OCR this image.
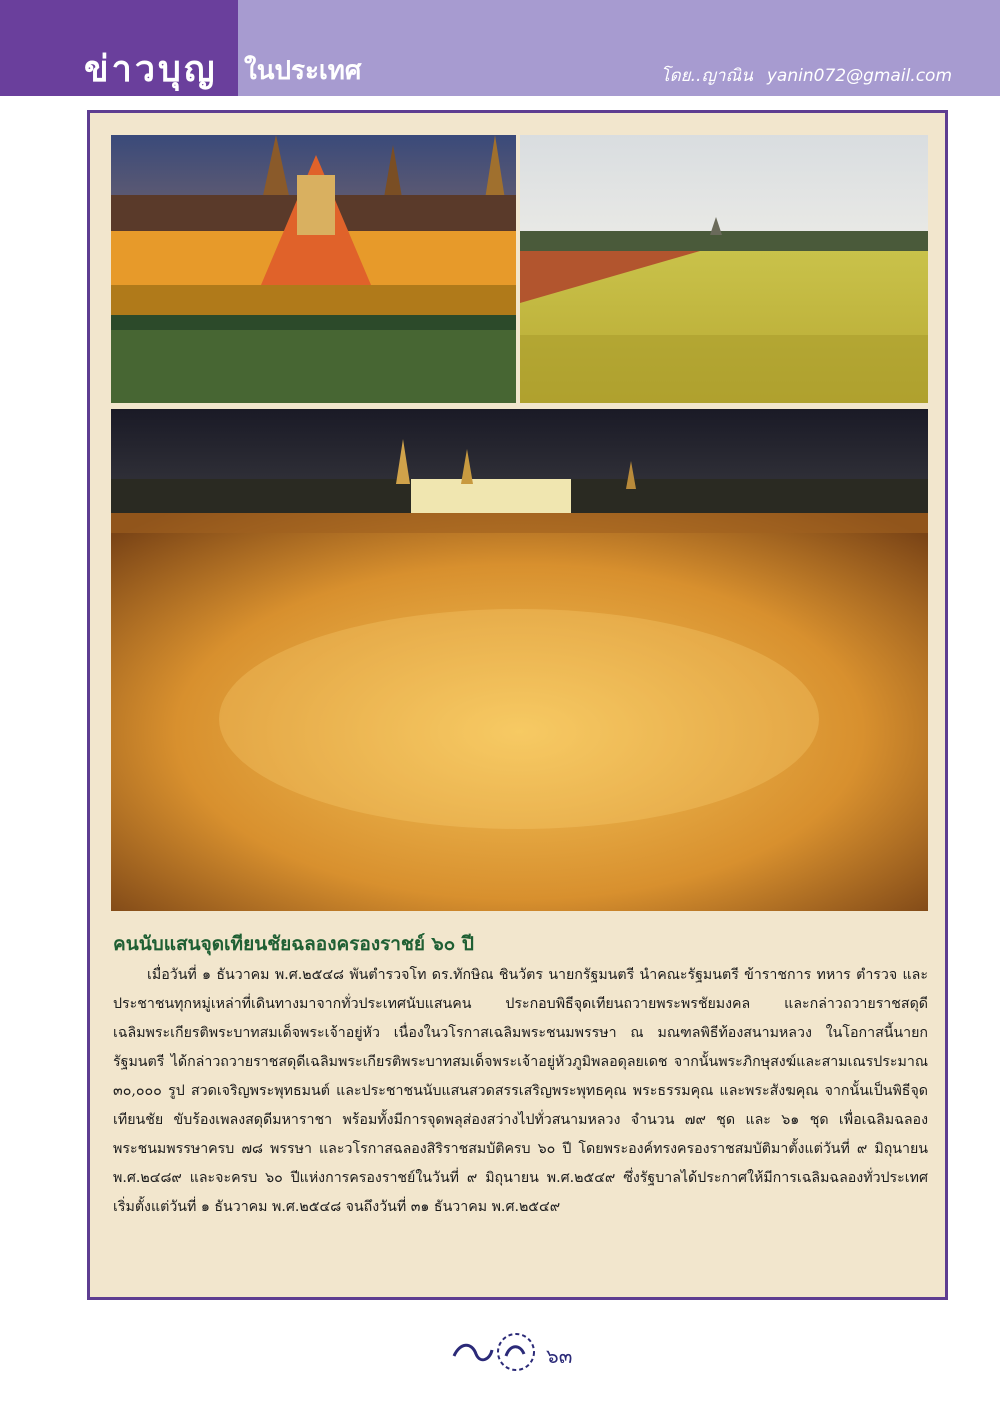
ข่าวบุญ ในประเทศ	โดย..ญาณิน yanin072@gmail.com
คนนับแสนจุดเทียนชัยฉลองครองราชย์ ๖๐ ปี
เมื่อวันที่ ๑ ธันวาคม พ.ศ.๒๕๔๘ พันตำรวจโท ดร.ทักษิณ ชินวัตร นายกรัฐมนตรี นำคณะรัฐมนตรี ข้าราชการ ทหาร ตำรวจ และประชาชนทุกหมู่เหล่าที่เดินทางมาจากทั่วประเทศนับแสนคน ประกอบพิธีจุดเทียนถวายพระพรชัยมงคล และกล่าวถวายราชสดุดีเฉลิมพระเกียรติพระบาทสมเด็จพระเจ้าอยู่หัว เนื่องในวโรกาสเฉลิมพระชนมพรรษา ณ มณฑลพิธีท้องสนามหลวง ในโอกาสนี้นายกรัฐมนตรี ได้กล่าวถวายราชสดุดีเฉลิมพระเกียรติพระบาทสมเด็จพระเจ้าอยู่หัวภูมิพลอดุลยเดช จากนั้นพระภิกษุสงฆ์และสามเณรประมาณ ๓๐,๐๐๐ รูป สวดเจริญพระพุทธมนต์ และประชาชนนับแสนสวดสรรเสริญพระพุทธคุณ พระธรรมคุณ และพระสังฆคุณ จากนั้นเป็นพิธีจุดเทียนชัย ขับร้องเพลงสดุดีมหาราชา พร้อมทั้งมีการจุดพลุส่องสว่างไปทั่วสนามหลวง จำนวน ๗๙ ชุด และ ๖๑ ชุด เพื่อเฉลิมฉลองพระชนมพรรษาครบ ๗๘ พรรษา และวโรกาสฉลองสิริราชสมบัติครบ ๖๐ ปี โดยพระองค์ทรงครองราชสมบัติมาตั้งแต่วันที่ ๙ มิถุนายน พ.ศ.๒๔๘๙ และจะครบ ๖๐ ปีแห่งการครองราชย์ในวันที่ ๙ มิถุนายน พ.ศ.๒๕๔๙ ซึ่งรัฐบาลได้ประกาศให้มีการเฉลิมฉลองทั่วประเทศ เริ่มตั้งแต่วันที่ ๑ ธันวาคม พ.ศ.๒๕๔๘ จนถึงวันที่ ๓๑ ธันวาคม พ.ศ.๒๕๔๙
๖๓
